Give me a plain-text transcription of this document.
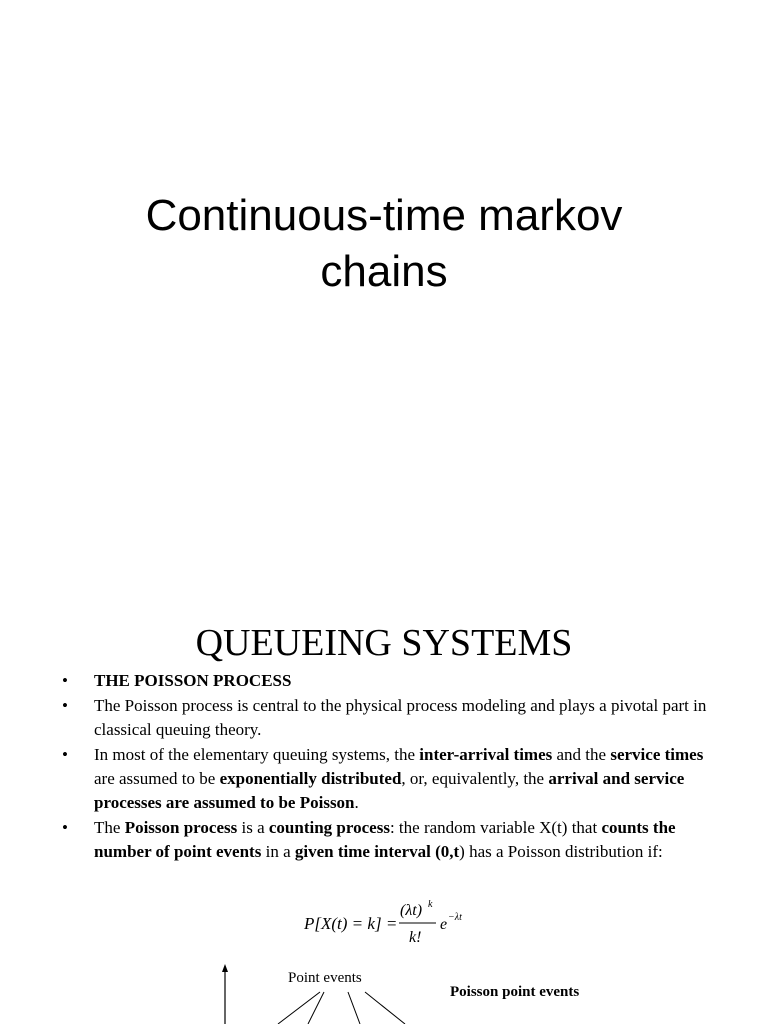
Continuous-time markov
chains
QUEUEING SYSTEMS
• THE POISSON PROCESS
• The Poisson process is central to the physical process modeling and plays a pivotal part in classical queuing theory.
• In most of the elementary queuing systems, the inter-arrival times and the service times are assumed to be exponentially distributed, or, equivalently, the arrival and service processes are assumed to be Poisson.
• The Poisson process is a counting process: the random variable X(t) that counts the number of point events in a given time interval (0,t) has a Poisson distribution if:
P[X(t) = k] =
(λt) k
k!
e −λt
Point events
Poisson point events
